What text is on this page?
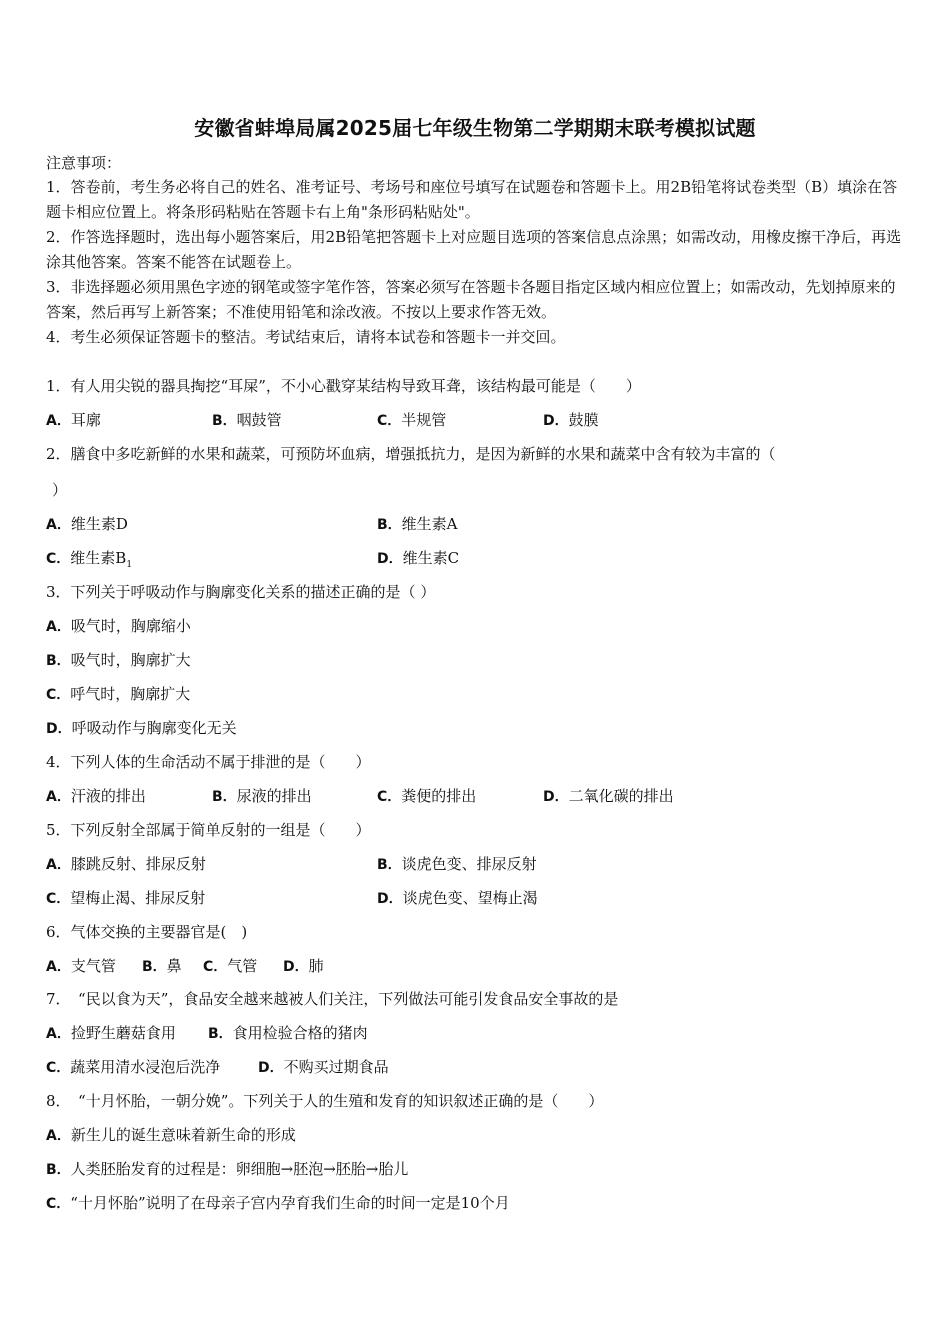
安徽省蚌埠局属2025届七年级生物第二学期期末联考模拟试题
注意事项：
1．答卷前，考生务必将自己的姓名、准考证号、考场号和座位号填写在试题卷和答题卡上。用2B铅笔将试卷类型（B）填涂在答题卡相应位置上。将条形码粘贴在答题卡右上角"条形码粘贴处"。
2．作答选择题时，选出每小题答案后，用2B铅笔把答题卡上对应题目选项的答案信息点涂黑；如需改动，用橡皮擦干净后，再选涂其他答案。答案不能答在试题卷上。
3．非选择题必须用黑色字迹的钢笔或签字笔作答，答案必须写在答题卡各题目指定区域内相应位置上；如需改动，先划掉原来的答案，然后再写上新答案；不准使用铅笔和涂改液。不按以上要求作答无效。
4．考生必须保证答题卡的整洁。考试结束后，请将本试卷和答题卡一并交回。
1．有人用尖锐的器具掏挖“耳屎”，不小心戳穿某结构导致耳聋，该结构最可能是（　　）
A．耳廓	B．咽鼓管	C．半规管	D．鼓膜
2．膳食中多吃新鲜的水果和蔬菜，可预防坏血病，增强抵抗力，是因为新鲜的水果和蔬菜中含有较为丰富的（
）
A．维生素D	B．维生素A
C．维生素$B_1$	D．维生素C
3．下列关于呼吸动作与胸廓变化关系的描述正确的是（ ）
A．吸气时，胸廓缩小
B．吸气时，胸廓扩大
C．呼气时，胸廓扩大
D．呼吸动作与胸廓变化无关
4．下列人体的生命活动不属于排泄的是（　　）
A．汗液的排出	B．尿液的排出	C．粪便的排出	D．二氧化碳的排出
5．下列反射全部属于简单反射的一组是（　　）
A．膝跳反射、排尿反射	B．谈虎色变、排尿反射
C．望梅止渴、排尿反射	D．谈虎色变、望梅止渴
6．气体交换的主要器官是(　)
A．支气管 B．鼻 C．气管 D．肺
7．　“民以食为天”，食品安全越来越被人们关注，下列做法可能引发食品安全事故的是
A．捡野生蘑菇食用 B．食用检验合格的猪肉
C．蔬菜用清水浸泡后洗净	D．不购买过期食品
8．　“十月怀胎，一朝分娩”。下列关于人的生殖和发育的知识叙述正确的是（　　）
A．新生儿的诞生意味着新生命的形成
B．人类胚胎发育的过程是：卵细胞→胚泡→胚胎→胎儿
C．“十月怀胎”说明了在母亲子宫内孕育我们生命的时间一定是10个月
